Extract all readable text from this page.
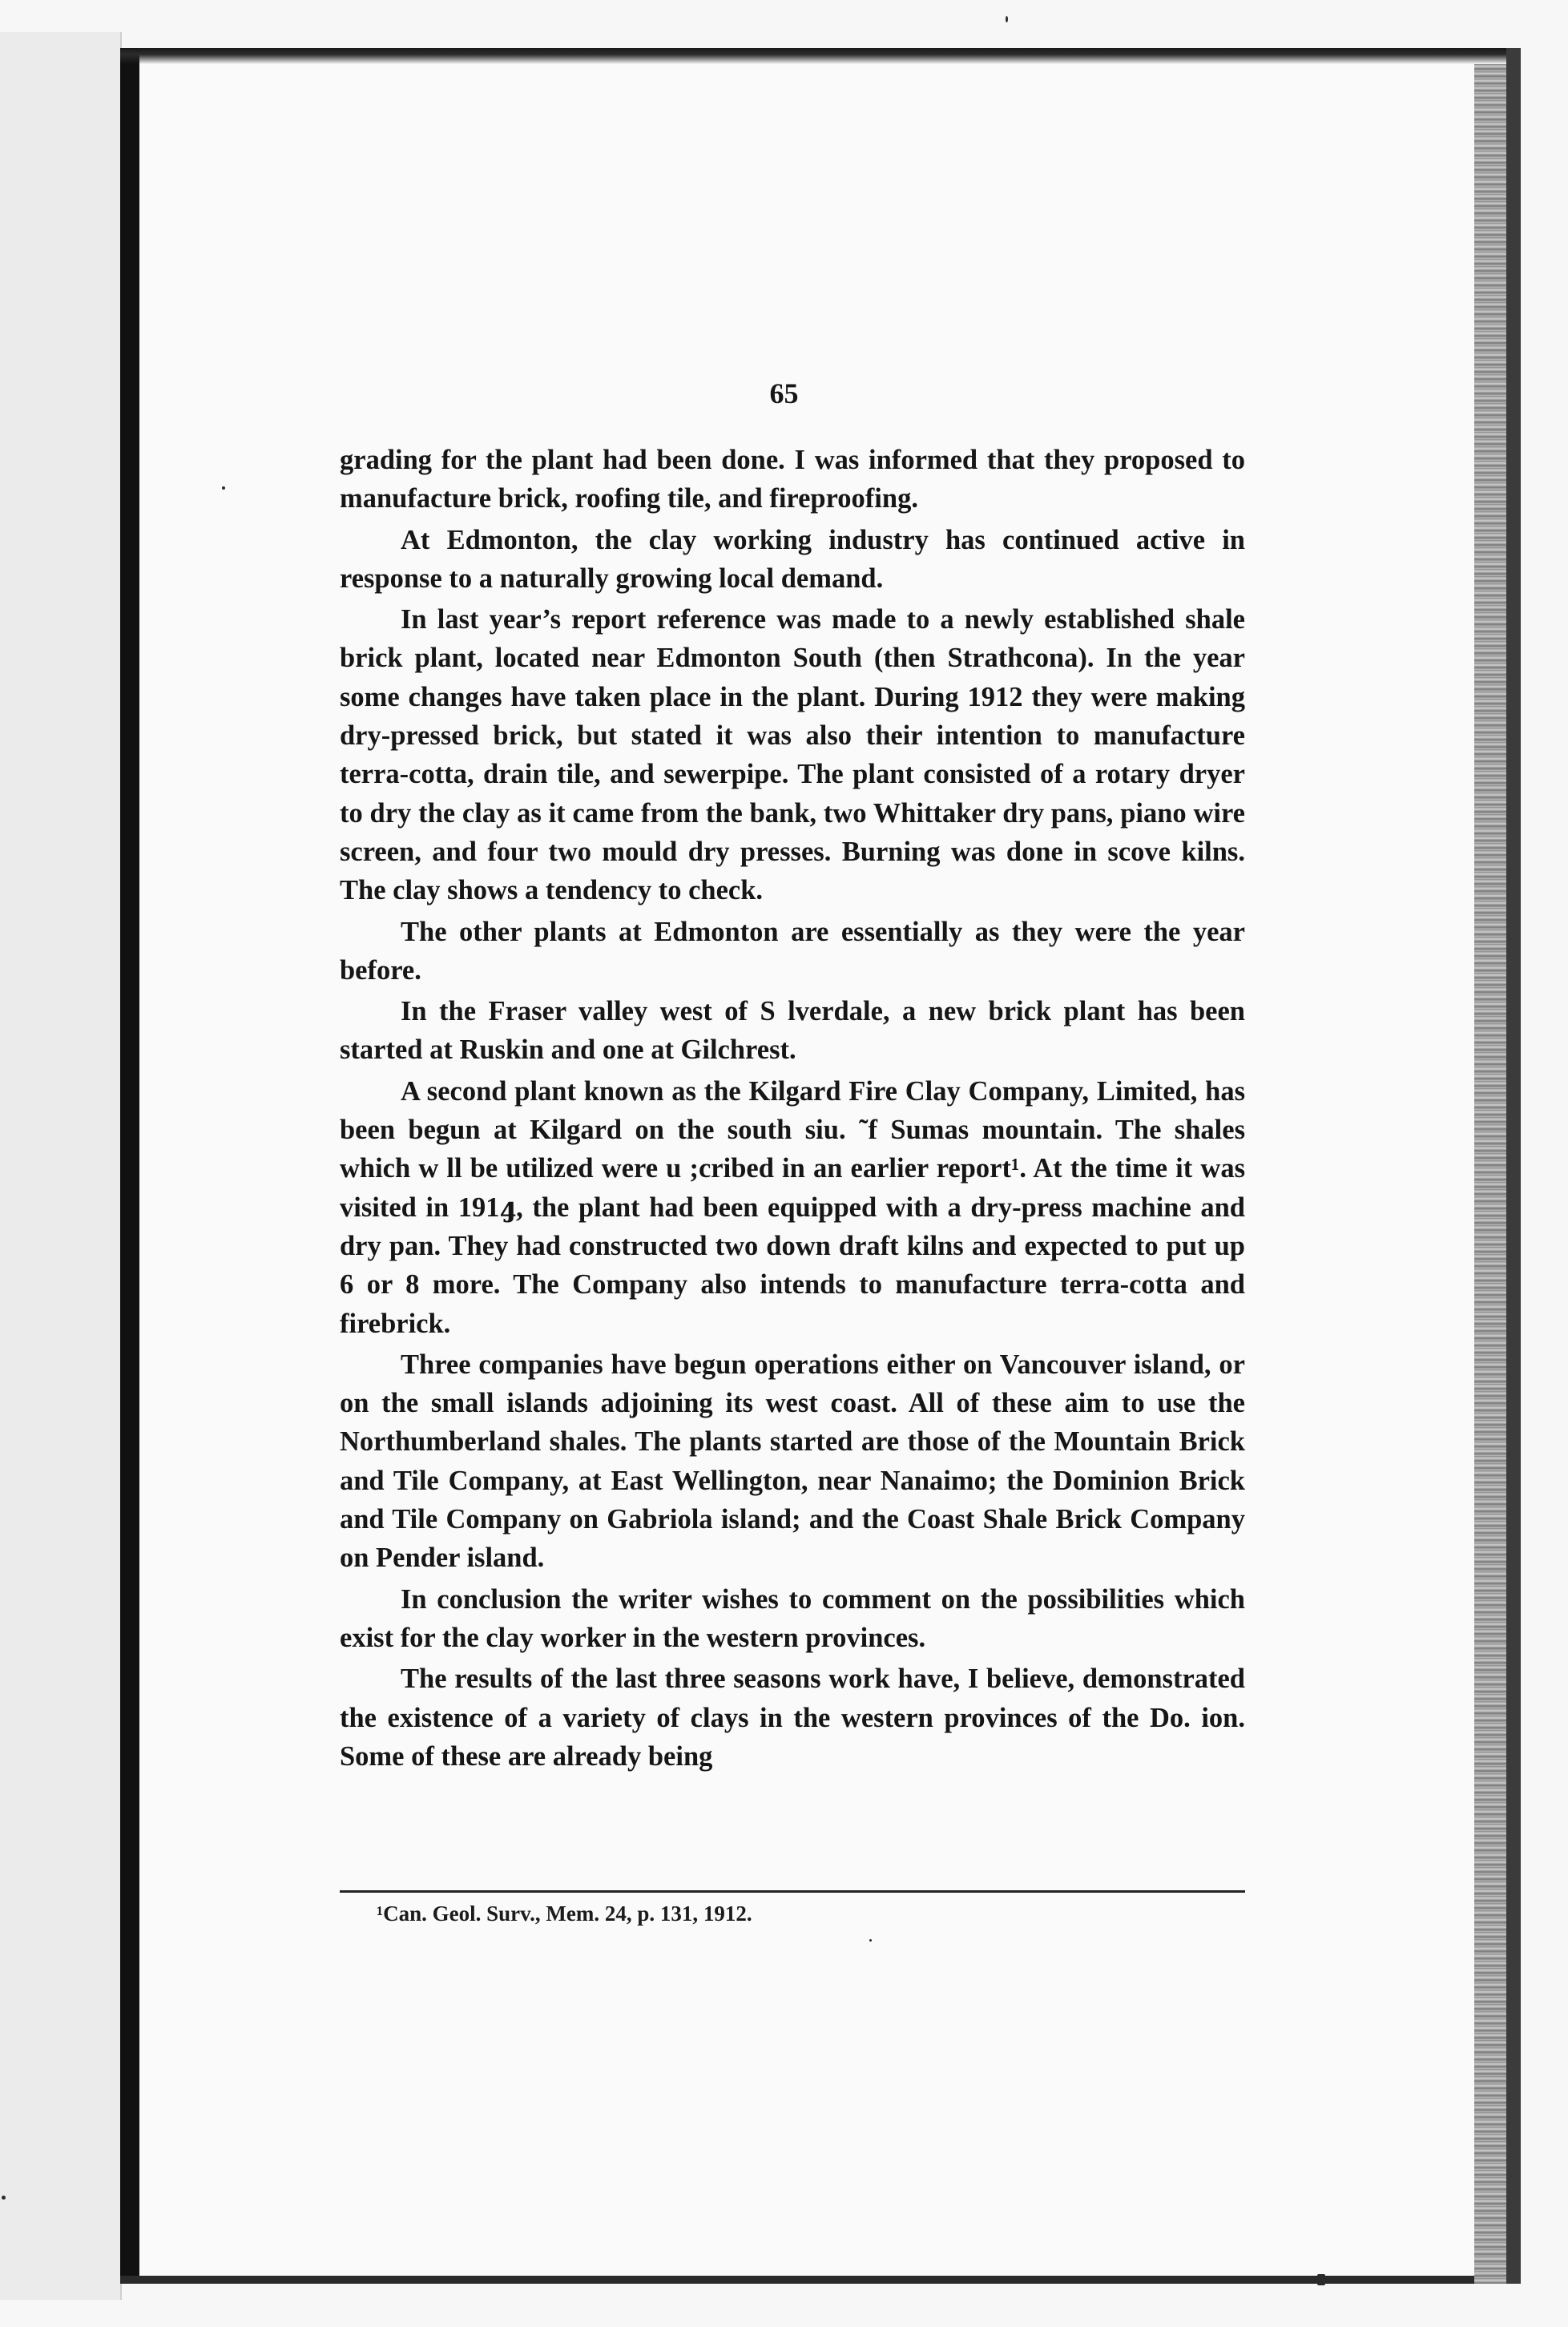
65

grading for the plant had been done. I was informed that they proposed to manufacture brick, roofing tile, and fireproofing.

At Edmonton, the clay working industry has continued active in response to a naturally growing local demand.

In last year’s report reference was made to a newly established shale brick plant, located near Edmonton South (then Strathcona). In the year some changes have taken place in the plant. During 1912 they were making dry-pressed brick, but stated it was also their intention to manufacture terra-cotta, drain tile, and sewerpipe. The plant consisted of a rotary dryer to dry the clay as it came from the bank, two Whittaker dry pans, piano wire screen, and four two mould dry presses. Burning was done in scove kilns. The clay shows a tendency to check.

The other plants at Edmonton are essentially as they were the year before.

In the Fraser valley west of S lverdale, a new brick plant has been started at Ruskin and one at Gilchrest.

A second plant known as the Kilgard Fire Clay Company, Limited, has been begun at Kilgard on the south siu. ˜f Sumas mountain. The shales which w ll be utilized were u ;cribed in an earlier report¹. At the time it was visited in 191ꜭ, the plant had been equipped with a dry-press machine and dry pan. They had constructed two down draft kilns and expected to put up 6 or 8 more. The Company also intends to manufacture terra-cotta and firebrick.

Three companies have begun operations either on Vancouver island, or on the small islands adjoining its west coast. All of these aim to use the Northumberland shales. The plants started are those of the Mountain Brick and Tile Company, at East Wellington, near Nanaimo; the Dominion Brick and Tile Company on Gabriola island; and the Coast Shale Brick Company on Pender island.

In conclusion the writer wishes to comment on the possibilities which exist for the clay worker in the western provinces.

The results of the last three seasons work have, I believe, demonstrated the existence of a variety of clays in the western provinces of the Do. ion. Some of these are already being

¹Can. Geol. Surv., Mem. 24, p. 131, 1912.
